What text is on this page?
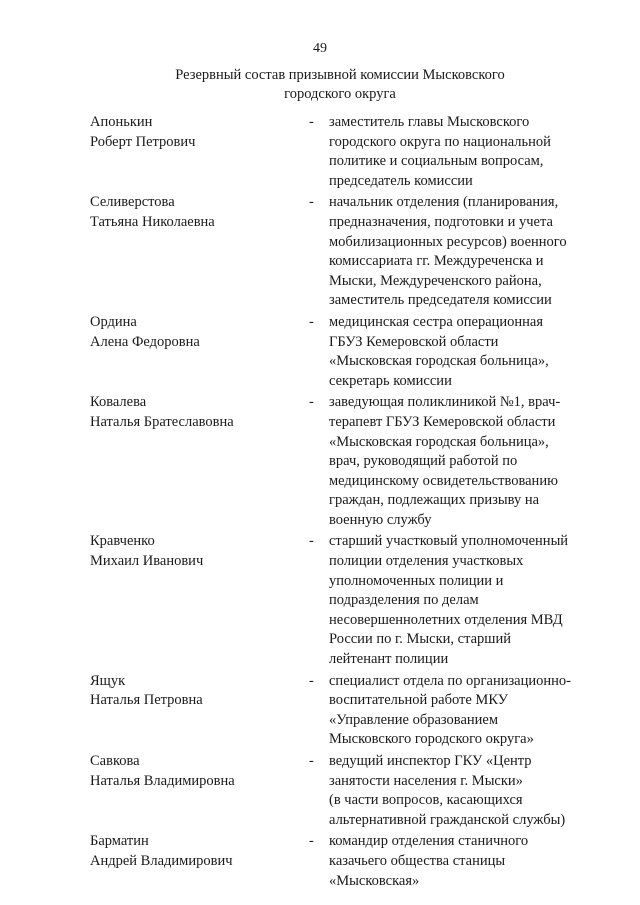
49
Резервный состав призывной комиссии Мысковского
городского округа
Апонькин
Роберт Петрович
-	заместитель главы Мысковского
городского округа по национальной
политике и социальным вопросам,
председатель комиссии
Селиверстова
Татьяна Николаевна
-	начальник отделения (планирования,
предназначения, подготовки и учета
мобилизационных ресурсов) военного
комиссариата гг. Междуреченска и
Мыски, Междуреченского района,
заместитель председателя комиссии
Ордина
Алена Федоровна
-	медицинская сестра операционная
ГБУЗ Кемеровской области
«Мысковская городская больница»,
секретарь комиссии
Ковалева
Наталья Братеславовна
-	заведующая поликлиникой №1, врач-
терапевт ГБУЗ Кемеровской области
«Мысковская городская больница»,
врач, руководящий работой по
медицинскому освидетельствованию
граждан, подлежащих призыву на
военную службу
Кравченко
Михаил Иванович
-	старший участковый уполномоченный
полиции отделения участковых
уполномоченных полиции и
подразделения по делам
несовершеннолетних отделения МВД
России по г. Мыски, старший
лейтенант полиции
Ящук
Наталья Петровна
-	специалист отдела по организационно-
воспитательной работе МКУ
«Управление образованием
Мысковского городского округа»
Савкова
Наталья Владимировна
-	ведущий инспектор ГКУ «Центр
занятости населения г. Мыски»
(в части вопросов, касающихся
альтернативной гражданской службы)
Барматин
Андрей Владимирович
-	командир отделения станичного
казачьего общества станицы
«Мысковская»
